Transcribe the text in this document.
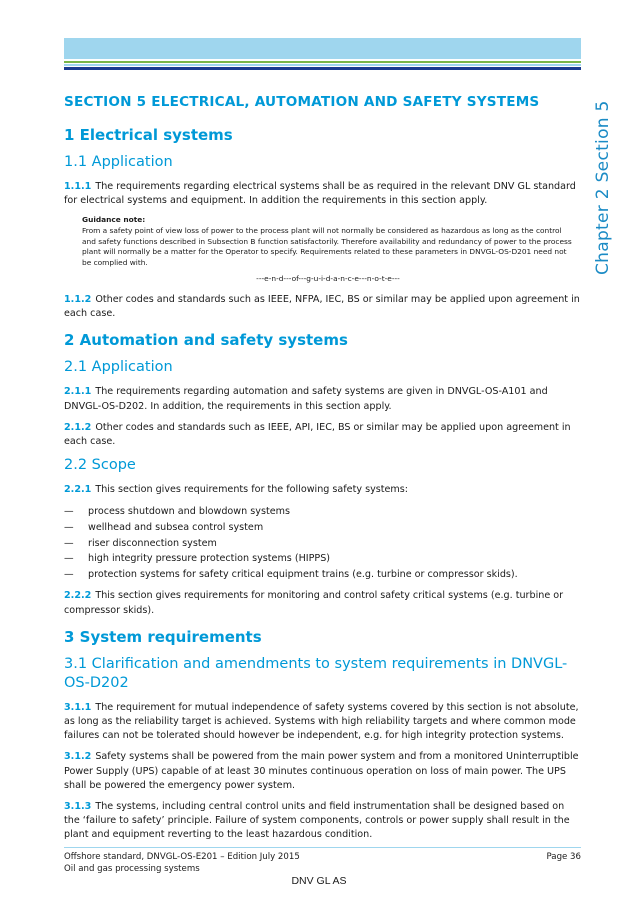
Chapter 2 Section 5
SECTION 5 ELECTRICAL, AUTOMATION AND SAFETY SYSTEMS
1 Electrical systems
1.1 Application

1.1.1 The requirements regarding electrical systems shall be as required in the relevant DNV GL standard for electrical systems and equipment. In addition the requirements in this section apply.

Guidance note:

From a safety point of view loss of power to the process plant will not normally be considered as hazardous as long as the control and safety functions described in Subsection B function satisfactorily. Therefore availability and redundancy of power to the process plant will normally be a matter for the Operator to specify. Requirements related to these parameters in DNVGL-OS-D201 need not be complied with.

---e-n-d---of---g-u-i-d-a-n-c-e---n-o-t-e---

1.1.2 Other codes and standards such as IEEE, NFPA, IEC, BS or similar may be applied upon agreement in each case.

2 Automation and safety systems
2.1 Application

2.1.1 The requirements regarding automation and safety systems are given in DNVGL-OS-A101 and DNVGL-OS-D202. In addition, the requirements in this section apply.

2.1.2 Other codes and standards such as IEEE, API, IEC, BS or similar may be applied upon agreement in each case.

2.2 Scope

2.2.1 This section gives requirements for the following safety systems:

— process shutdown and blowdown systems
— wellhead and subsea control system
— riser disconnection system
— high integrity pressure protection systems (HIPPS)
— protection systems for safety critical equipment trains (e.g. turbine or compressor skids).

2.2.2 This section gives requirements for monitoring and control safety critical systems (e.g. turbine or compressor skids).

3 System requirements
3.1 Clarification and amendments to system requirements in DNVGL-OS-D202

3.1.1 The requirement for mutual independence of safety systems covered by this section is not absolute, as long as the reliability target is achieved. Systems with high reliability targets and where common mode failures can not be tolerated should however be independent, e.g. for high integrity protection systems.

3.1.2 Safety systems shall be powered from the main power system and from a monitored Uninterruptible Power Supply (UPS) capable of at least 30 minutes continuous operation on loss of main power. The UPS shall be powered the emergency power system.

3.1.3 The systems, including central control units and field instrumentation shall be designed based on the ‘failure to safety’ principle. Failure of system components, controls or power supply shall result in the plant and equipment reverting to the least hazardous condition.

Offshore standard, DNVGL-OS-E201 – Edition July 2015
Oil and gas processing systems
Page 36
DNV GL AS
